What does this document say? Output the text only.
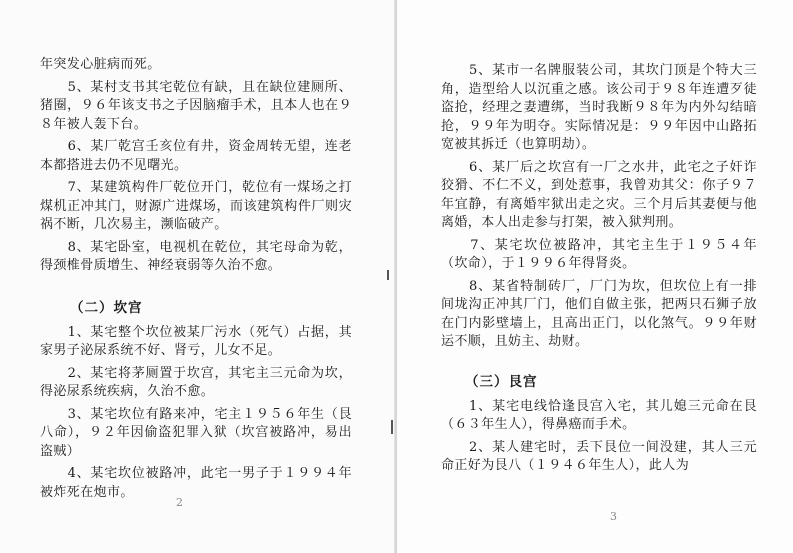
年突发心脏病而死。

　　5、某村支书其宅乾位有缺，且在缺位建厕所、猪圈，９６年该支书之子因脑瘤手术，且本人也在９８年被人轰下台。

　　6、某厂乾宫壬亥位有井，资金周转无望，连老本都搭进去仍不见曙光。

　　7、某建筑构件厂乾位开门，乾位有一煤场之打煤机正冲其门，财源广进煤场，而该建筑构件厂则灾祸不断，几次易主，濒临破产。

　　8、某宅卧室，电视机在乾位，其宅母命为乾，得颈椎骨质增生、神经衰弱等久治不愈。

（二）坎宫

　　1、某宅整个坎位被某厂污水（死气）占据，其家男子泌尿系统不好、肾亏，儿女不足。

　　2、某宅将茅厕置于坎宫，其宅主三元命为坎，得泌尿系统疾病，久治不愈。

　　3、某宅坎位有路来冲，宅主１９５６年生（艮八命），９２年因偷盗犯罪入狱（坎宫被路冲，易出盗贼）

　　4、某宅坎位被路冲，此宅一男子于１９９４年被炸死在炮市。

2

　　5、某市一名牌服装公司，其坎门顶是个特大三角，造型给人以沉重之感。该公司于９８年连遭歹徒盗抢，经理之妻遭绑，当时我断９８年为内外勾结暗抢，９９年为明夺。实际情况是：９９年因中山路拓宽被其拆迁（也算明劫）。

　　6、某厂后之坎宫有一厂之水井，此宅之子奸诈狡猾、不仁不义，到处惹事，我曾劝其父：你子９７年宜静，有离婚牢狱出走之灾。三个月后其妻便与他离婚，本人出走参与打架，被入狱判刑。

　　7、某宅坎位被路冲，其宅主生于１９５４年（坎命），于１９９６年得肾炎。

　　8、某省特制砖厂，厂门为坎，但坎位上有一排间垅沟正冲其厂门，他们自做主张，把两只石狮子放在门内影壁墙上，且高出正门，以化煞气。９９年财运不顺，且妨主、劫财。

（三）艮宫

　　1、某宅电线恰逢艮宫入宅，其儿媳三元命在艮（６３年生人），得鼻癌而手术。

　　2、某人建宅时，丢下艮位一间没建，其人三元命正好为艮八（１９４６年生人），此人为

3
